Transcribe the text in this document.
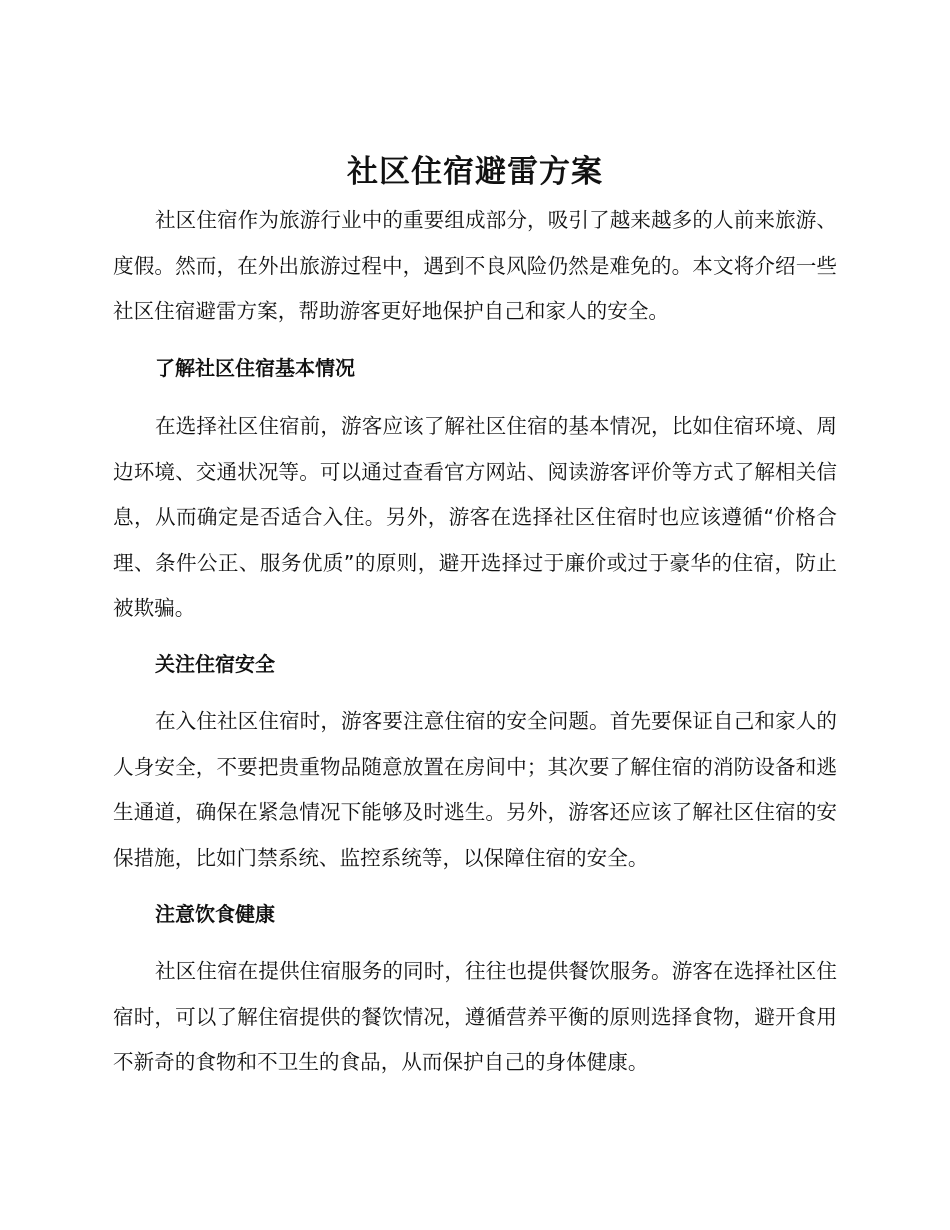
社区住宿避雷方案

社区住宿作为旅游行业中的重要组成部分，吸引了越来越多的人前来旅游、度假。然而，在外出旅游过程中，遇到不良风险仍然是难免的。本文将介绍一些社区住宿避雷方案，帮助游客更好地保护自己和家人的安全。

了解社区住宿基本情况

在选择社区住宿前，游客应该了解社区住宿的基本情况，比如住宿环境、周边环境、交通状况等。可以通过查看官方网站、阅读游客评价等方式了解相关信息，从而确定是否适合入住。另外，游客在选择社区住宿时也应该遵循“价格合理、条件公正、服务优质”的原则，避开选择过于廉价或过于豪华的住宿，防止被欺骗。

关注住宿安全

在入住社区住宿时，游客要注意住宿的安全问题。首先要保证自己和家人的人身安全，不要把贵重物品随意放置在房间中；其次要了解住宿的消防设备和逃生通道，确保在紧急情况下能够及时逃生。另外，游客还应该了解社区住宿的安保措施，比如门禁系统、监控系统等，以保障住宿的安全。

注意饮食健康

社区住宿在提供住宿服务的同时，往往也提供餐饮服务。游客在选择社区住宿时，可以了解住宿提供的餐饮情况，遵循营养平衡的原则选择食物，避开食用不新奇的食物和不卫生的食品，从而保护自己的身体健康。
